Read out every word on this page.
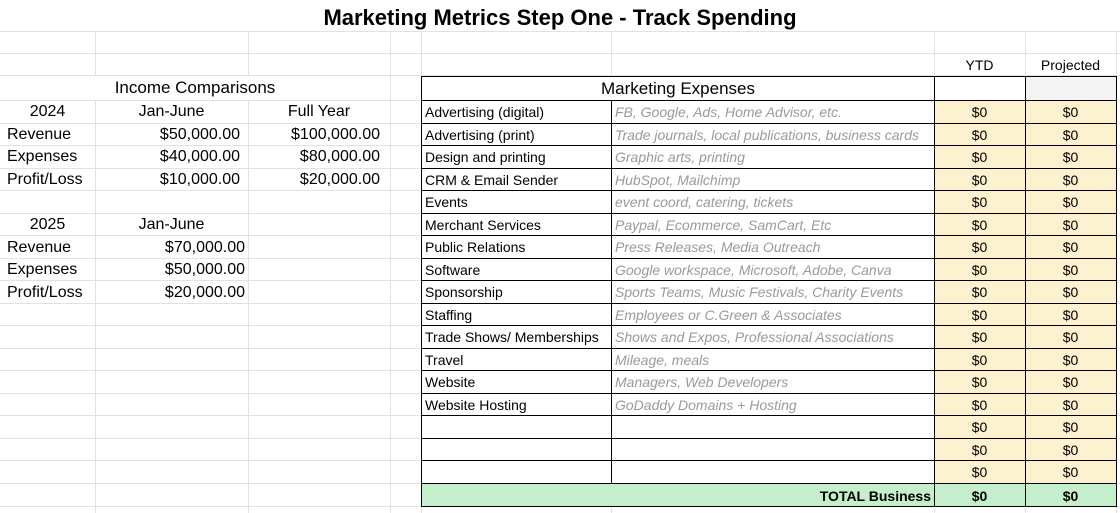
Marketing Metrics Step One - Track Spending
Income Comparisons
2024	Jan-June	Full Year
Revenue	$50,000.00	$100,000.00
Expenses	$40,000.00	$80,000.00
Profit/Loss	$10,000.00	$20,000.00
2025	Jan-June
Revenue	$70,000.00
Expenses	$50,000.00
Profit/Loss	$20,000.00
YTD	Projected
Marketing Expenses
Advertising (digital)	FB, Google, Ads, Home Advisor, etc.	$0	$0
Advertising (print)	Trade journals, local publications, business cards	$0	$0
Design and printing	Graphic arts, printing	$0	$0
CRM & Email Sender	HubSpot, Mailchimp	$0	$0
Events	event coord, catering, tickets	$0	$0
Merchant Services	Paypal, Ecommerce, SamCart, Etc	$0	$0
Public Relations	Press Releases, Media Outreach	$0	$0
Software	Google workspace, Microsoft, Adobe, Canva	$0	$0
Sponsorship	Sports Teams, Music Festivals, Charity Events	$0	$0
Staffing	Employees or C.Green & Associates	$0	$0
Trade Shows/ Memberships	Shows and Expos, Professional Associations	$0	$0
Travel	Mileage, meals	$0	$0
Website	Managers, Web Developers	$0	$0
Website Hosting	GoDaddy Domains + Hosting	$0	$0
$0	$0
$0	$0
$0	$0
TOTAL Business	$0	$0
